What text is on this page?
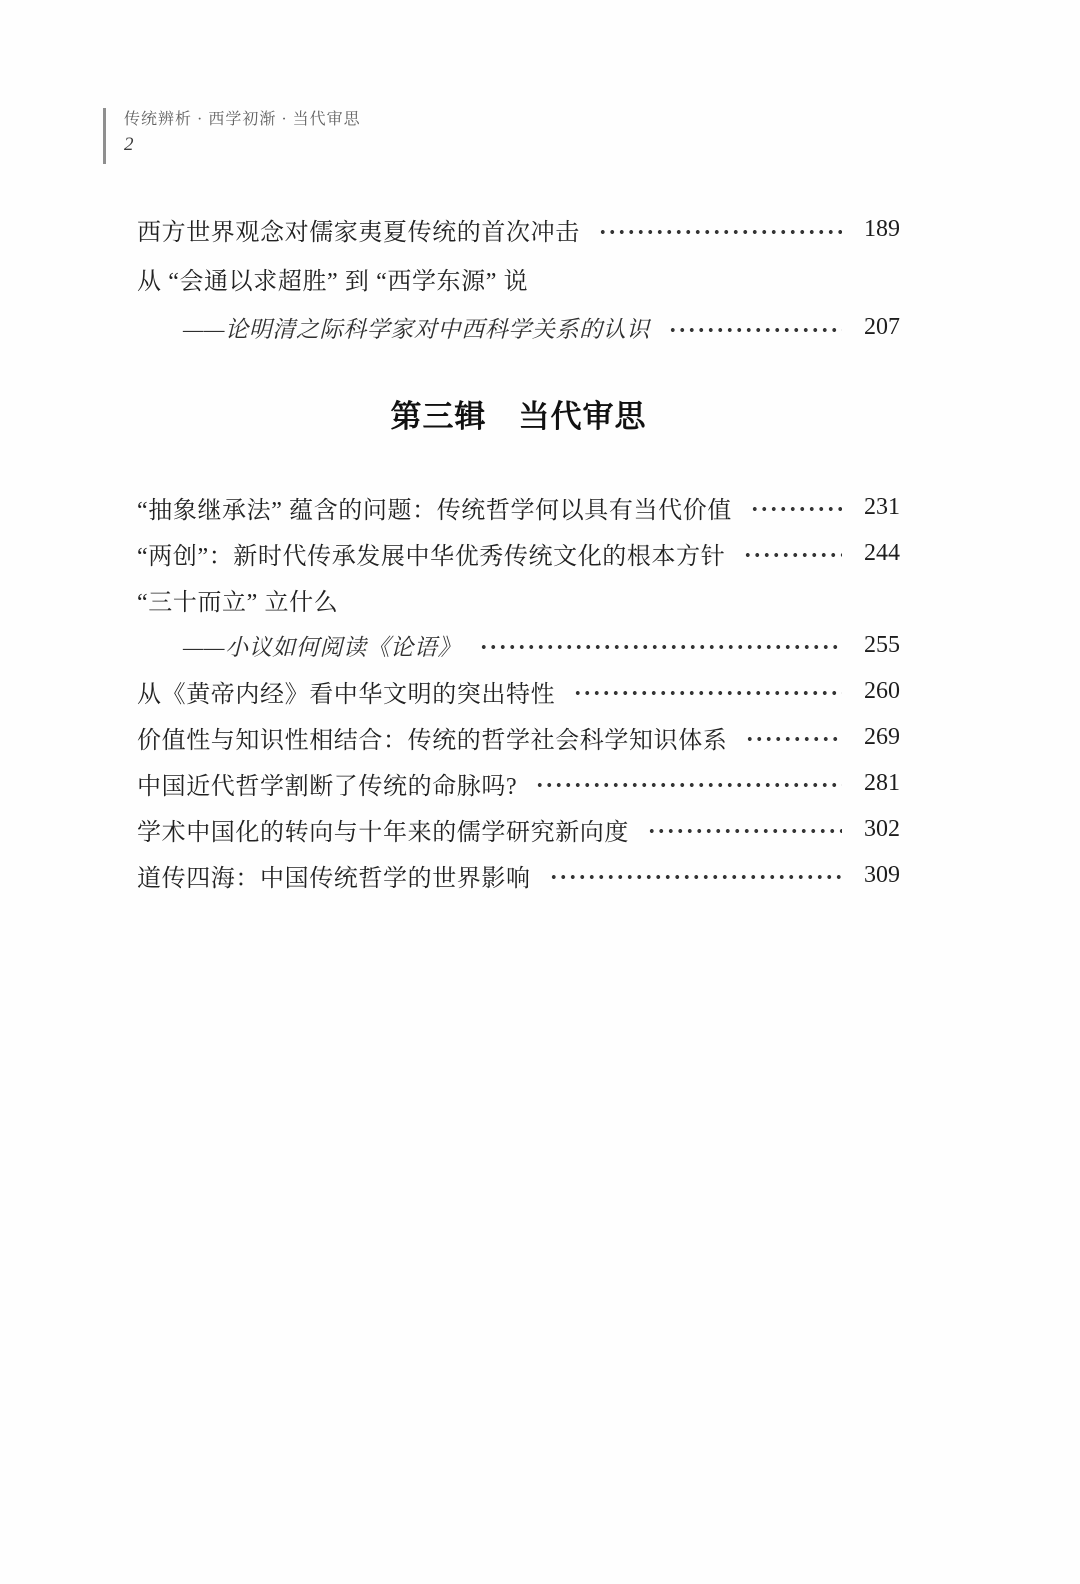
传统辨析 · 西学初渐 · 当代审思
2
西方世界观念对儒家夷夏传统的首次冲击	189
从 “会通以求超胜” 到 “西学东源” 说
——论明清之际科学家对中西科学关系的认识	207
第三辑　当代审思
“抽象继承法” 蕴含的问题：传统哲学何以具有当代价值	231
“两创”：新时代传承发展中华优秀传统文化的根本方针	244
“三十而立” 立什么
——小议如何阅读《论语》	255
从《黄帝内经》看中华文明的突出特性	260
价值性与知识性相结合：传统的哲学社会科学知识体系	269
中国近代哲学割断了传统的命脉吗?	281
学术中国化的转向与十年来的儒学研究新向度	302
道传四海：中国传统哲学的世界影响	309
